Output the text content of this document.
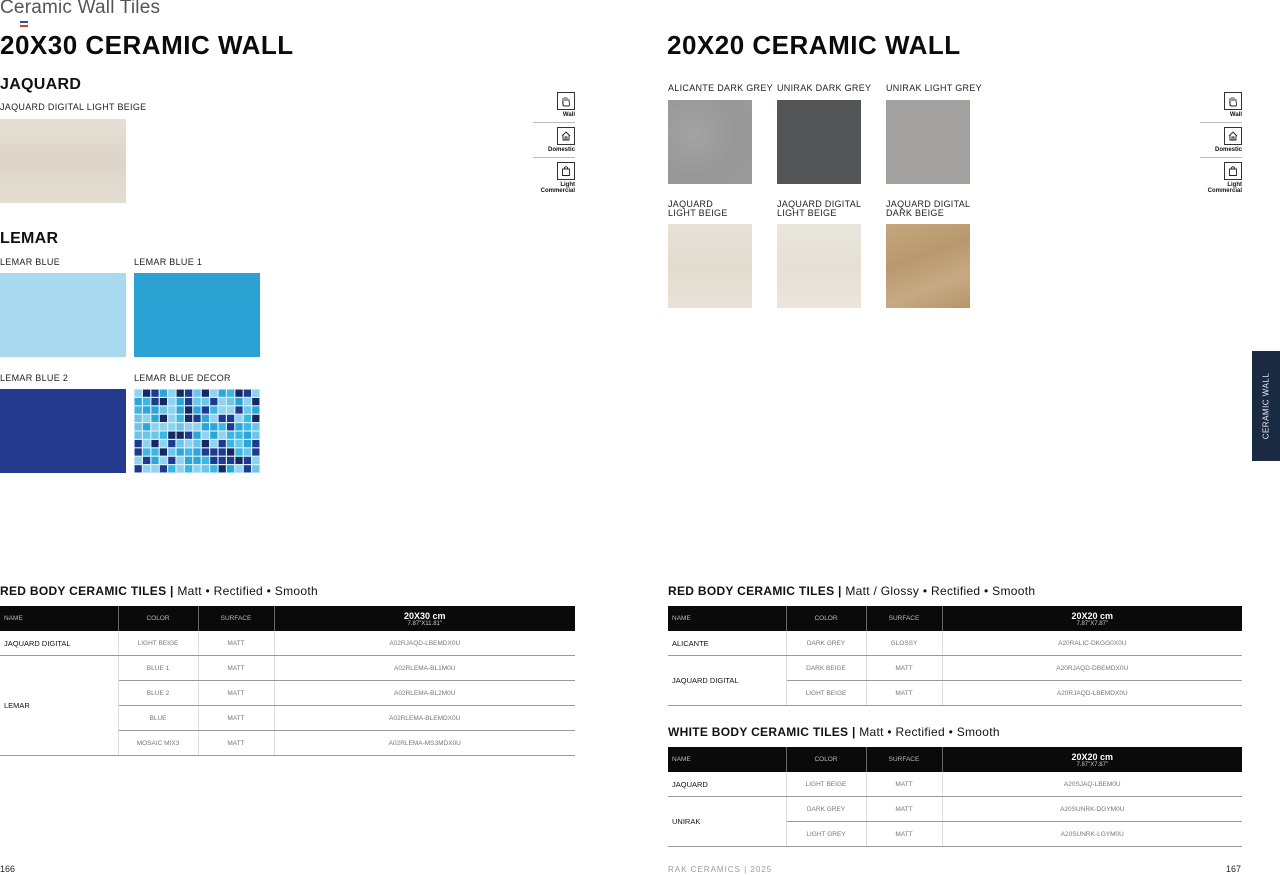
Ceramic Wall Tiles
20X30 CERAMIC WALL
JAQUARD
JAQUARD DIGITAL LIGHT BEIGE
LEMAR
LEMAR BLUE	LEMAR BLUE 1
LEMAR BLUE 2	LEMAR BLUE DECOR
Wall
Domestic
Light Commercial
RED BODY CERAMIC TILES | Matt • Rectified • Smooth
NAME	COLOR	SURFACE	20X30 cm
7.87"X11.81"

JAQUARD DIGITAL	LIGHT BEIGE	MATT	A02RJAQD-LBEMDX0U
LEMAR	BLUE 1	MATT	A02RLEMA-BL1M0U
	BLUE 2	MATT	A02RLEMA-BL2M0U
	BLUE	MATT	A02RLEMA-BLEMDX0U
	MOSAIC MIX3	MATT	A02RLEMA-MS3MDX0U
166
20X20 CERAMIC WALL
ALICANTE DARK GREY UNIRAK DARK GREY UNIRAK LIGHT GREY
JAQUARD
LIGHT BEIGE
JAQUARD DIGITAL
LIGHT BEIGE
JAQUARD DIGITAL
DARK BEIGE
Wall
Domestic
Light Commercial
CERAMIC WALL
RED BODY CERAMIC TILES | Matt / Glossy • Rectified • Smooth
NAME	COLOR	SURFACE	20X20 cm
7.87"X7.87"

ALICANTE	DARK GREY	GLOSSY	A20RALIC-DKGG0X0U
JAQUARD DIGITAL	DARK BEIGE	MATT	A20RJAQD-DBEMDX0U
	LIGHT BEIGE	MATT	A20RJAQD-LBEMDX0U
WHITE BODY CERAMIC TILES | Matt • Rectified • Smooth
NAME	COLOR	SURFACE	20X20 cm
7.87"X7.87"

JAQUARD	LIGHT BEIGE	MATT	A20SJAQ-LBEM0U
UNIRAK	DARK GREY	MATT	A20SUNRK-DGYM0U
	LIGHT GREY	MATT	A20SUNRK-LGYM0U
RAK CERAMICS | 2025	167
